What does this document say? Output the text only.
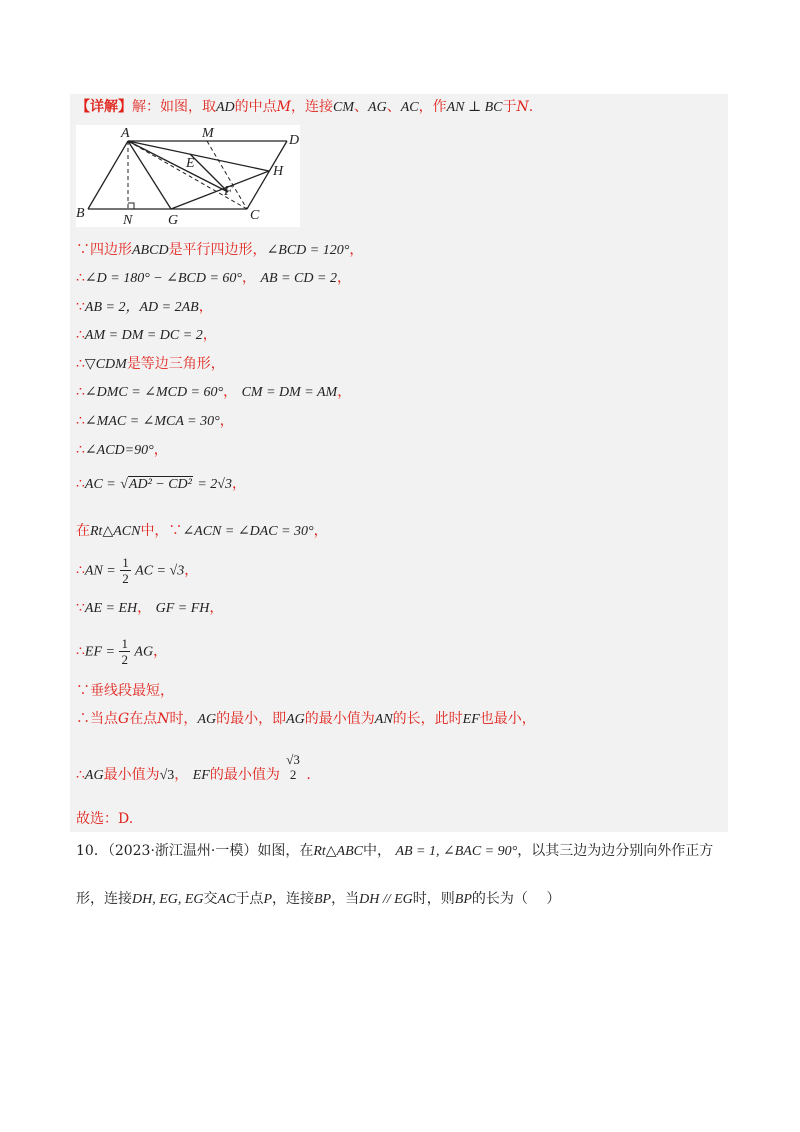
【详解】解：如图，取AD的中点M，连接CM、AG、AC，作AN ⊥ BC于N.
A	M	D
E
H
F
B	N	G	C
∵四边形ABCD是平行四边形，∠BCD = 120°，
∴∠D = 180° − ∠BCD = 60°， AB = CD = 2，
∵AB = 2，AD = 2AB，
∴AM = DM = DC = 2，
∴▽CDM是等边三角形，
∴∠DMC = ∠MCD = 60°， CM = DM = AM，
∴∠MAC = ∠MCA = 30°，
∴∠ACD=90°，
∴AC = √AD² − CD² = 2√3，
在Rt△ACN中，∵∠ACN = ∠DAC = 30°，
∴AN = $\frac{1}{2}$ AC = √3，
∵AE = EH， GF = FH，
∴EF = $\frac{1}{2}$ AG，
∵垂线段最短，
∴当点G在点N时，AG的最小，即AG的最小值为AN的长，此时EF也最小，
∴AG最小值为√3， EF的最小值为
√3
2 .
故选：D.
10．（2023·浙江温州·一模）如图，在Rt△ABC中， AB = 1, ∠BAC = 90°，以其三边为边分别向外作正方
形，连接DH, EG, EG交AC于点P，连接BP，当DH // EG时，则BP的长为（　 ）
